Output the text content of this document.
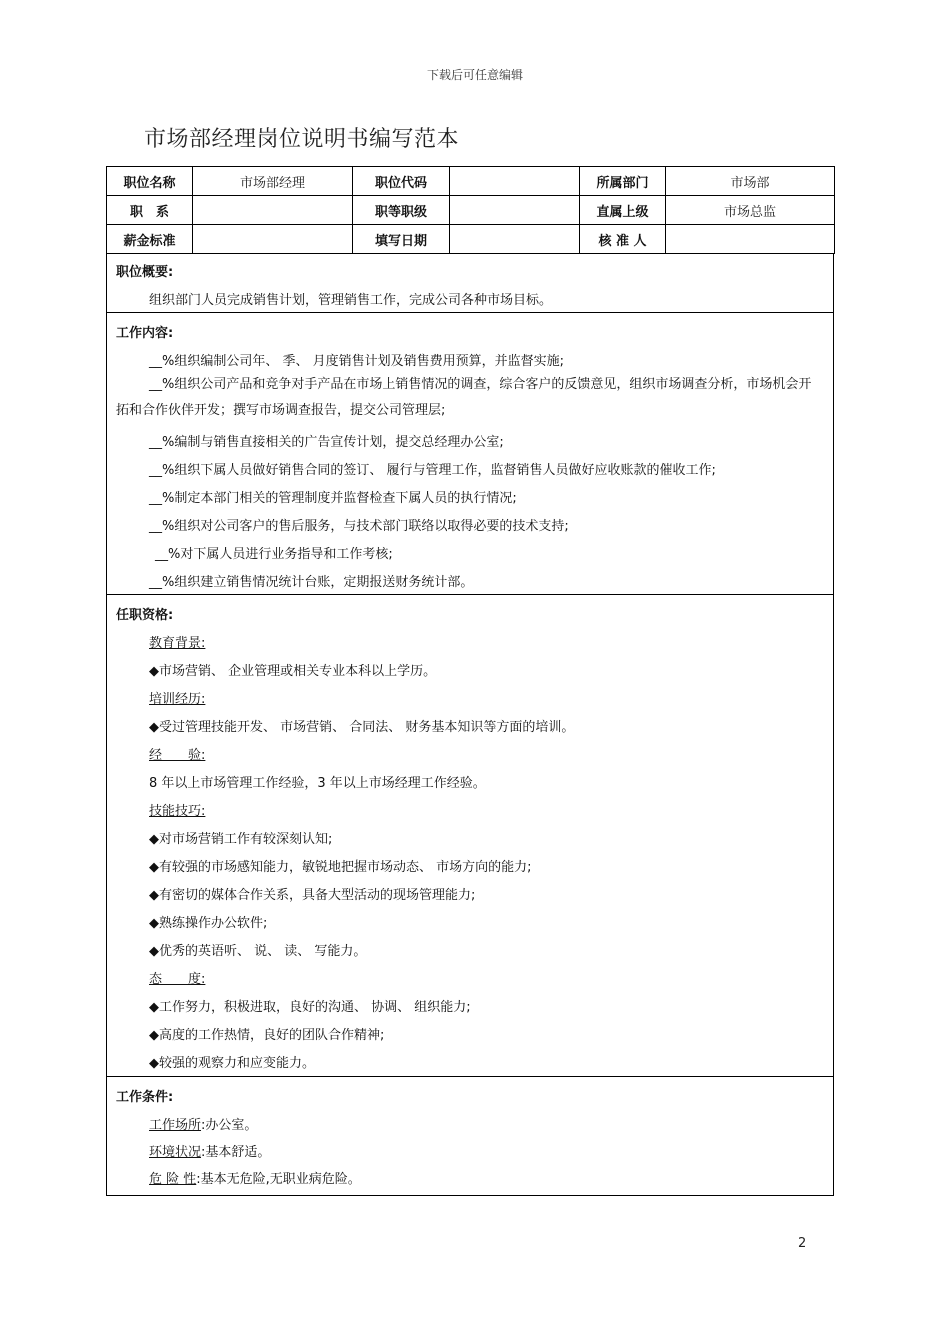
下载后可任意编辑
市场部经理岗位说明书编写范本
职位名称	市场部经理	职位代码		所属部门	市场部
职　系		职等职级		直属上级	市场总监
薪金标准		填写日期		核 准 人	
职位概要:
组织部门人员完成销售计划，管理销售工作，完成公司各种市场目标。
工作内容:
__%组织编制公司年、 季、 月度销售计划及销售费用预算，并监督实施;
__%组织公司产品和竞争对手产品在市场上销售情况的调查，综合客户的反馈意见，组织市场调查分析，市场机会开拓和合作伙伴开发；撰写市场调查报告，提交公司管理层;
__%编制与销售直接相关的广告宣传计划，提交总经理办公室;
__%组织下属人员做好销售合同的签订、 履行与管理工作，监督销售人员做好应收账款的催收工作;
__%制定本部门相关的管理制度并监督检查下属人员的执行情况;
__%组织对公司客户的售后服务，与技术部门联络以取得必要的技术支持;
__%对下属人员进行业务指导和工作考核;
__%组织建立销售情况统计台账，定期报送财务统计部。
任职资格:
教育背景:
◆市场营销、 企业管理或相关专业本科以上学历。
培训经历:
◆受过管理技能开发、 市场营销、 合同法、 财务基本知识等方面的培训。
经　　验:
8 年以上市场管理工作经验，3 年以上市场经理工作经验。
技能技巧:
◆对市场营销工作有较深刻认知;
◆有较强的市场感知能力，敏锐地把握市场动态、 市场方向的能力;
◆有密切的媒体合作关系，具备大型活动的现场管理能力;
◆熟练操作办公软件;
◆优秀的英语听、 说、 读、 写能力。
态　　度:
◆工作努力，积极进取，良好的沟通、 协调、 组织能力;
◆高度的工作热情，良好的团队合作精神;
◆较强的观察力和应变能力。
工作条件:
工作场所:办公室。
环境状况:基本舒适。
危 险 性:基本无危险,无职业病危险。
2
